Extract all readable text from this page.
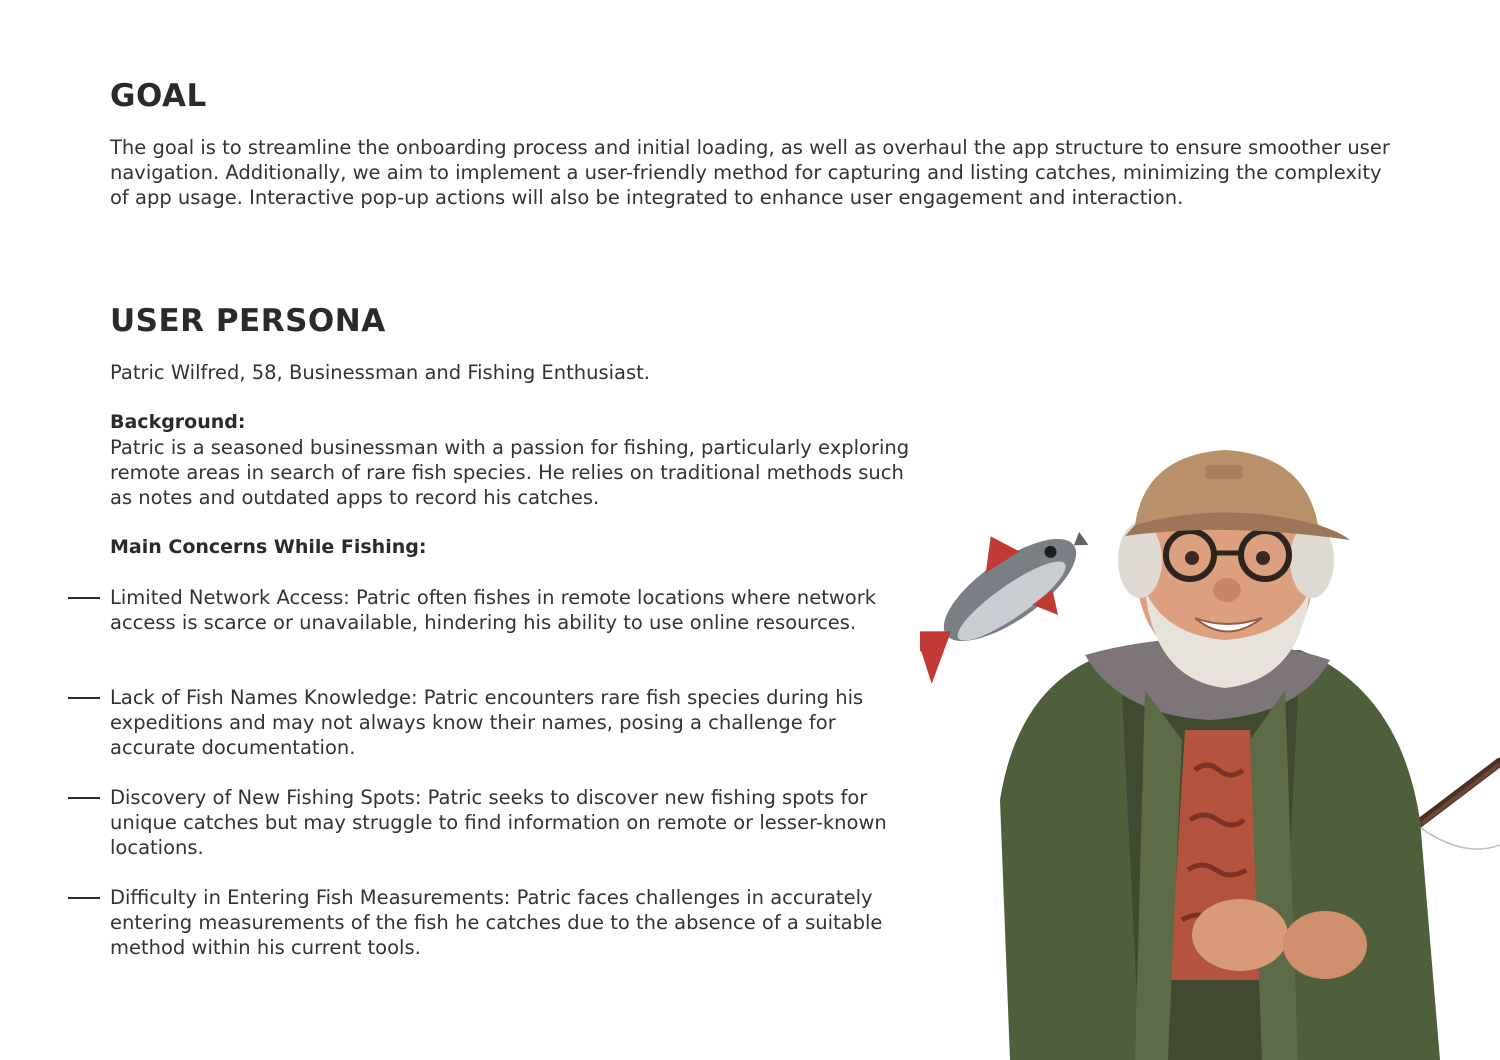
GOAL

The goal is to streamline the onboarding process and initial loading, as well as overhaul the app structure to ensure smoother user navigation. Additionally, we aim to implement a user-friendly method for capturing and listing catches, minimizing the complexity of app usage. Interactive pop-up actions will also be integrated to enhance user engagement and interaction.

USER PERSONA

Patric Wilfred, 58, Businessman and Fishing Enthusiast.

Background:

Patric is a seasoned businessman with a passion for fishing, particularly exploring remote areas in search of rare fish species. He relies on traditional methods such as notes and outdated apps to record his catches.

Main Concerns While Fishing:

Limited Network Access: Patric often fishes in remote locations where network access is scarce or unavailable, hindering his ability to use online resources.

Lack of Fish Names Knowledge: Patric encounters rare fish species during his expeditions and may not always know their names, posing a challenge for accurate documentation.

Discovery of New Fishing Spots: Patric seeks to discover new fishing spots for unique catches but may struggle to find information on remote or lesser-known locations.

Difficulty in Entering Fish Measurements: Patric faces challenges in accurately entering measurements of the fish he catches due to the absence of a suitable method within his current tools.
